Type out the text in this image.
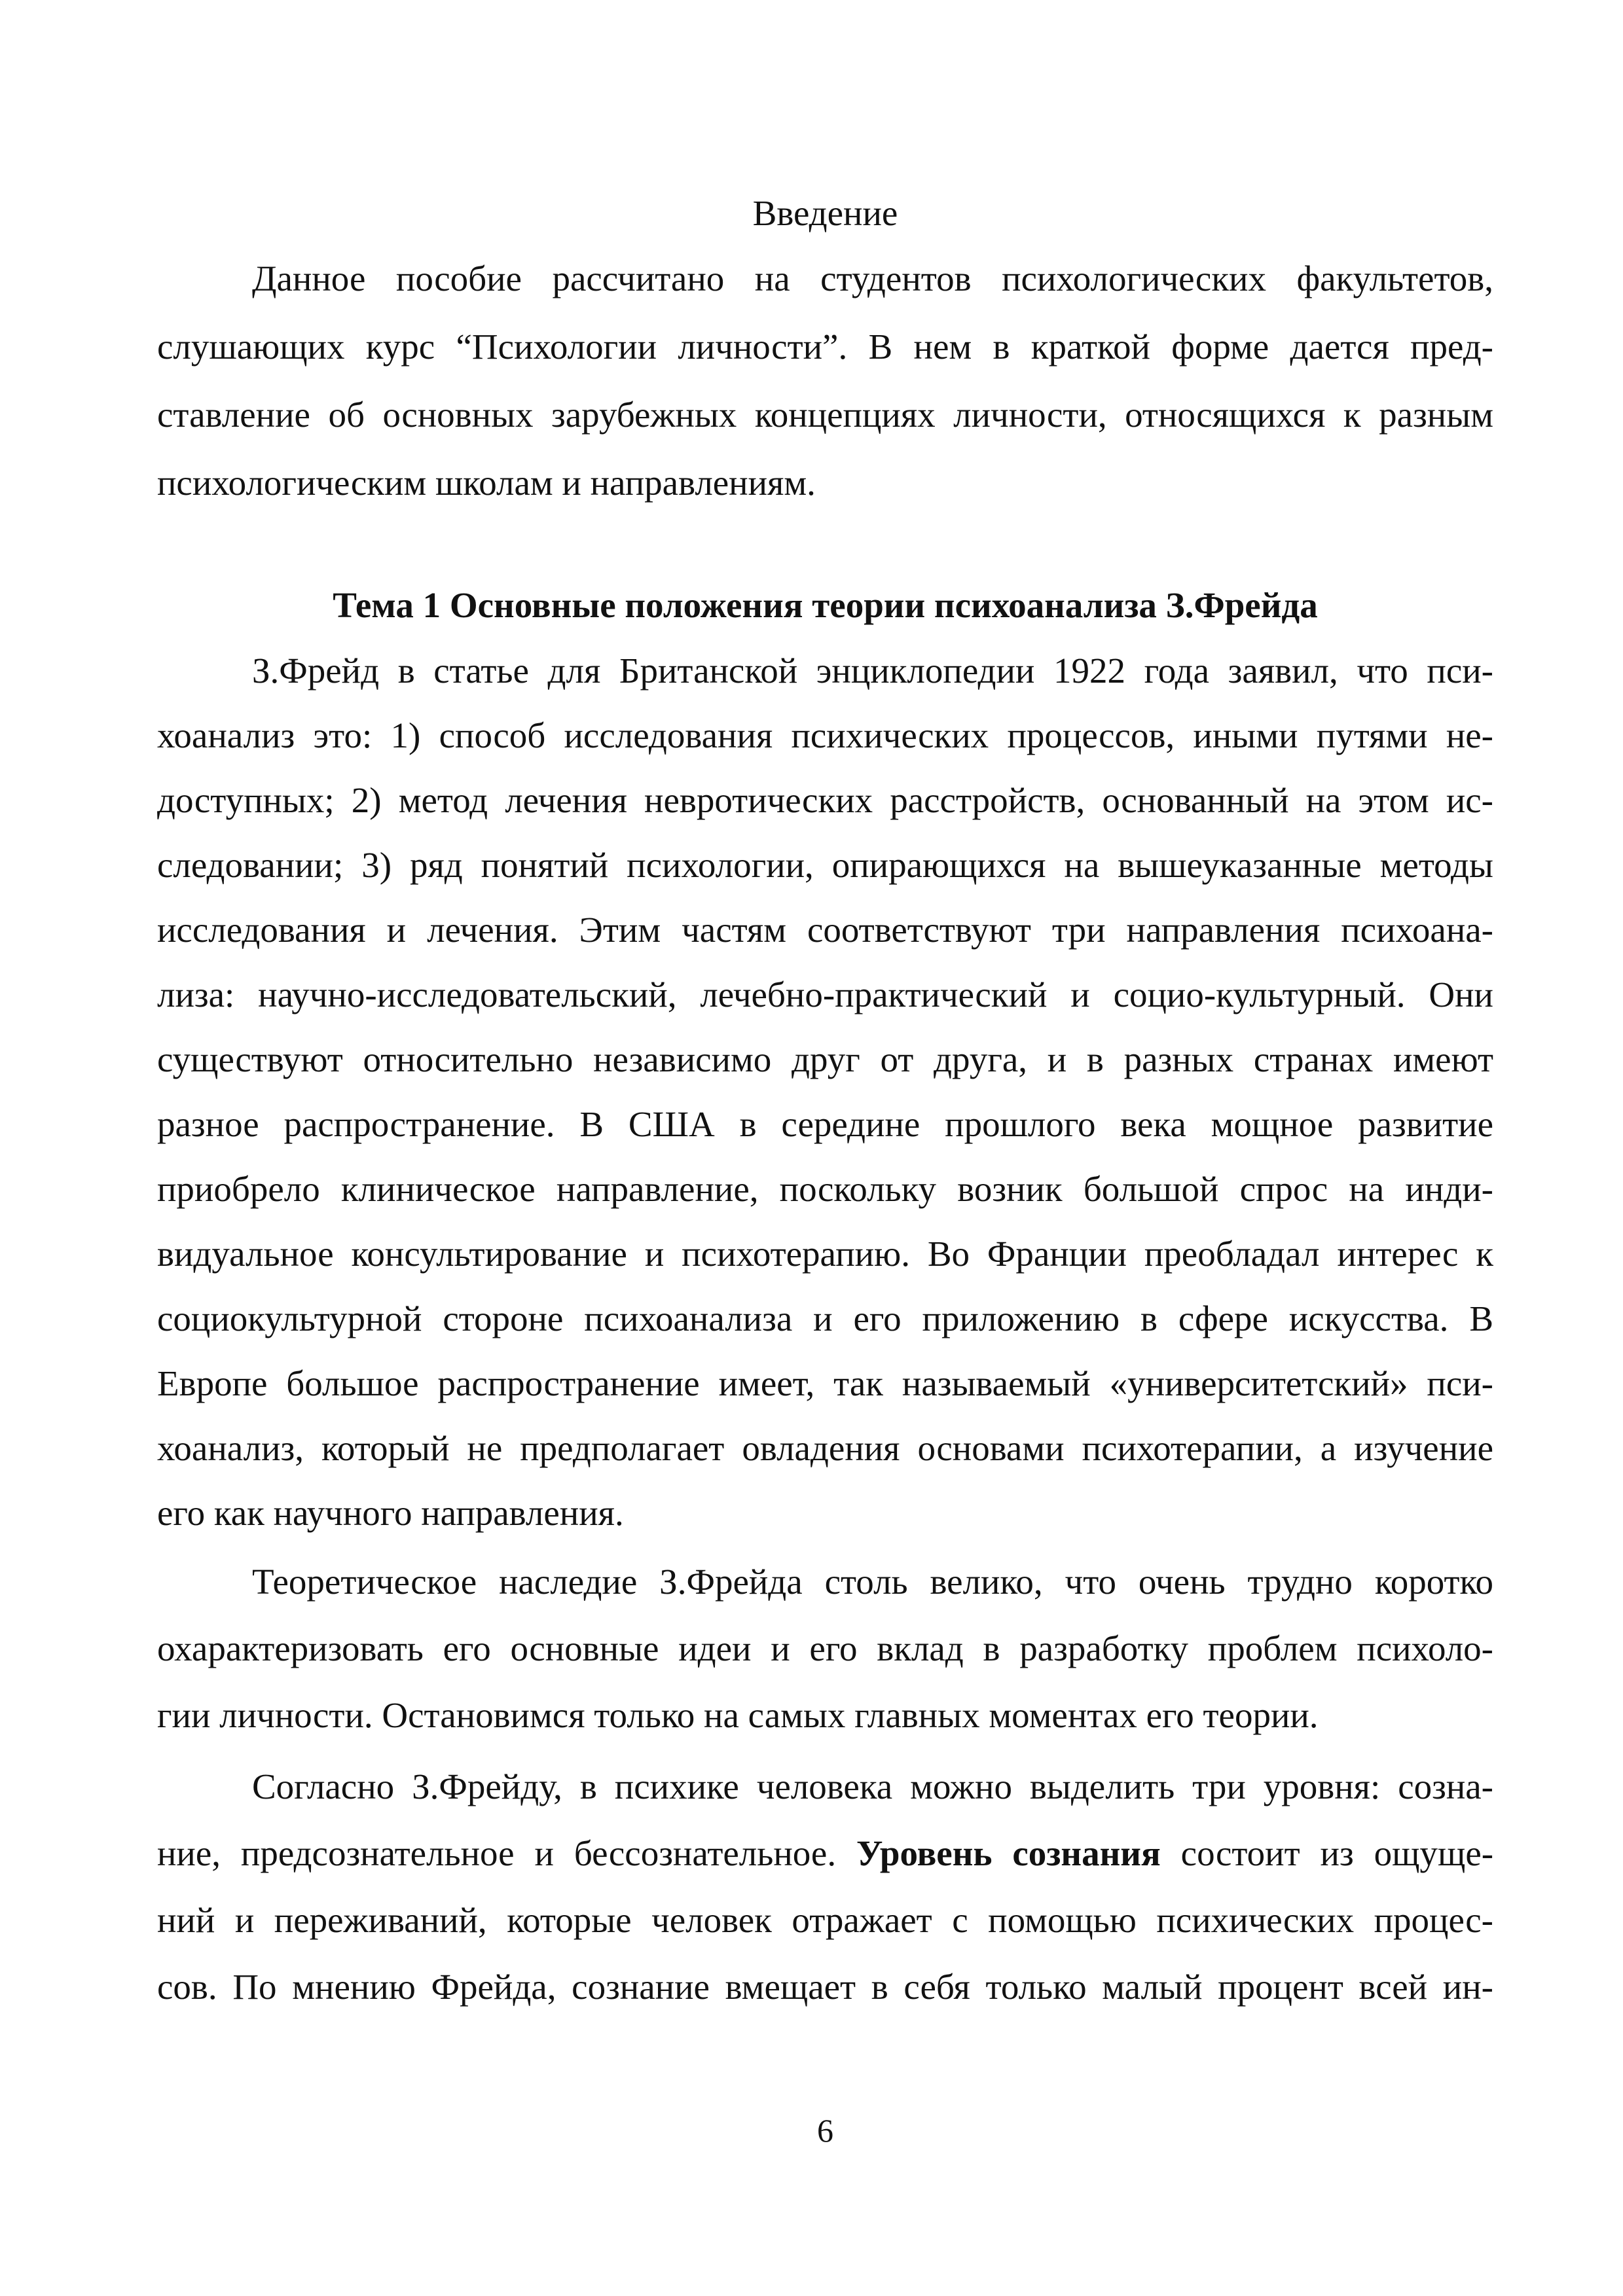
Введение
Данное пособие рассчитано на студентов психологических факультетов,
слушающих курс “Психологии личности”. В нем в краткой форме дается пред-
ставление об основных зарубежных концепциях личности, относящихся к разным
психологическим школам и направлениям.
Тема 1 Основные положения теории психоанализа З.Фрейда
З.Фрейд в статье для Британской энциклопедии 1922 года заявил, что пси-
хоанализ это: 1) способ исследования психических процессов, иными путями не-
доступных; 2) метод лечения невротических расстройств, основанный на этом ис-
следовании; 3) ряд понятий психологии, опирающихся на вышеуказанные методы
исследования и лечения. Этим частям соответствуют три направления психоана-
лиза: научно-исследовательский, лечебно-практический и социо-культурный. Они
существуют относительно независимо друг от друга, и в разных странах имеют
разное распространение. В США в середине прошлого века мощное развитие
приобрело клиническое направление, поскольку возник большой спрос на инди-
видуальное консультирование и психотерапию. Во Франции преобладал интерес к
социокультурной стороне психоанализа и его приложению в сфере искусства. В
Европе большое распространение имеет, так называемый «университетский» пси-
хоанализ, который не предполагает овладения основами психотерапии, а изучение
его как научного направления.
Теоретическое наследие З.Фрейда столь велико, что очень трудно коротко
охарактеризовать его основные идеи и его вклад в разработку проблем психоло-
гии личности. Остановимся только на самых главных моментах его теории.
Согласно З.Фрейду, в психике человека можно выделить три уровня: созна-
ние, предсознательное и бессознательное. Уровень сознания состоит из ощуще-
ний и переживаний, которые человек отражает с помощью психических процес-
сов. По мнению Фрейда, сознание вмещает в себя только малый процент всей ин-
6
